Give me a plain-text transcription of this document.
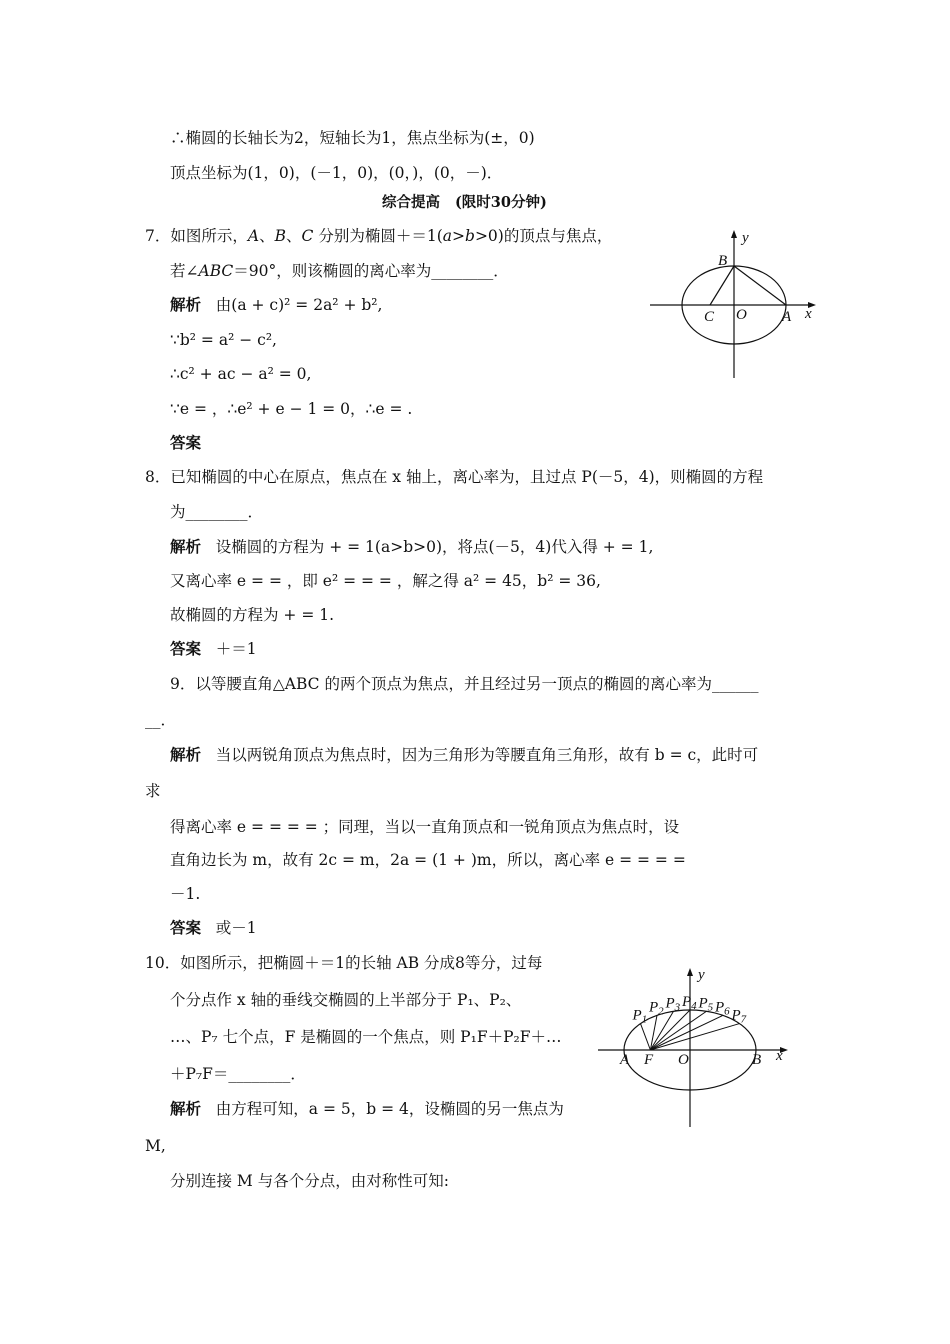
∴椭圆的长轴长为2，短轴长为1，焦点坐标为(±，0)
顶点坐标为(1，0)，(－1，0)，(0，)，(0，－)．
综合提高 (限时30分钟)
7．如图所示，A、B、C 分别为椭圆＋＝1(a>b>0)的顶点与焦点，
若∠ABC＝90°，则该椭圆的离心率为________．
解析 由(a + c)² = 2a² + b²,
∵b² = a² − c²,
∴c² + ac − a² = 0,
∵e = ，∴e² + e − 1 = 0，∴e = .
答案
y
B
C O A x
8．已知椭圆的中心在原点，焦点在 x 轴上，离心率为，且过点 P(－5，4)，则椭圆的方程
为________．
解析 设椭圆的方程为 + = 1(a>b>0)，将点(－5，4)代入得 + = 1,
又离心率 e = = ，即 e² = = = ，解之得 a² = 45，b² = 36,
故椭圆的方程为 + = 1.
答案 ＋＝1
9．以等腰直角△ABC 的两个顶点为焦点，并且经过另一顶点的椭圆的离心率为______
__．
解析 当以两锐角顶点为焦点时，因为三角形为等腰直角三角形，故有 b = c，此时可
求
得离心率 e = = = = ；同理，当以一直角顶点和一锐角顶点为焦点时，设
直角边长为 m，故有 2c = m，2a = (1 + )m，所以，离心率 e = = = =
－1.
答案 或－1
10．如图所示，把椭圆＋＝1的长轴 AB 分成8等分，过每
个分点作 x 轴的垂线交椭圆的上半部分于 P₁、P₂、
…、P₇ 七个点，F 是椭圆的一个焦点，则 P₁F＋P₂F＋…
＋P₇F＝________．
解析 由方程可知，a = 5，b = 4，设椭圆的另一焦点为
M,
分别连接 M 与各个分点，由对称性可知:
$P_1$
$P_2$
$P_3$ $P_4$ $P_5$ $P_6$ $P_7$
y
A F O	B x
